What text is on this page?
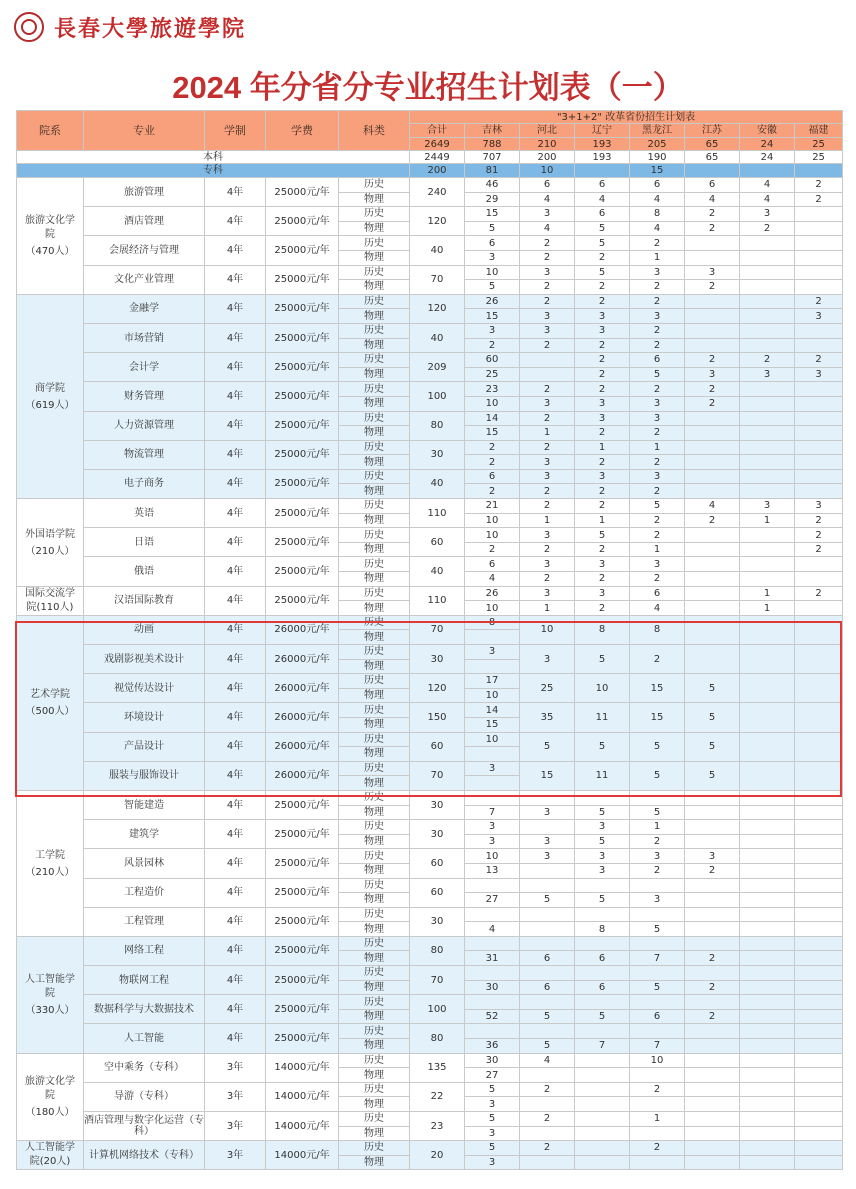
長春大學旅遊學院
2024 年分省分专业招生计划表（一）
院系	专业	学制	学费	科类	"3+1+2" 改革省份招生计划表							
					合计	吉林	河北	辽宁	黑龙江	江苏	安徽	福建
					2649	788	210	193	205	65	24	25
本科					2449	707	200	193	190	65	24	25
专科					200	81	10		15			

旅游文化学院
（470人）	旅游管理	4年	25000元/年	历史	240	46	6	6	6	6	4	2
				物理		29	4	4	4	4	4	2
	酒店管理	4年	25000元/年	历史	120	15	3	6	8	2	3	
				物理		5	4	5	4	2	2	
	会展经济与管理	4年	25000元/年	历史	40	6	2	5	2			
				物理		3	2	2	1			
	文化产业管理	4年	25000元/年	历史	70	10	3	5	3	3		
				物理		5	2	2	2	2		

商学院
（619人）	金融学	4年	25000元/年	历史	120	26	2	2	2			2
				物理		15	3	3	3			3
	市场营销	4年	25000元/年	历史	40	3	3	3	2			
				物理		2	2	2	2			
	会计学	4年	25000元/年	历史	209	60		2	6	2	2	2
				物理		25		2	5	3	3	3
	财务管理	4年	25000元/年	历史	100	23	2	2	2	2		
				物理		10	3	3	3	2		
	人力资源管理	4年	25000元/年	历史	80	14	2	3	3			
				物理		15	1	2	2			
	物流管理	4年	25000元/年	历史	30	2	2	1	1			
				物理		2	3	2	2			
	电子商务	4年	25000元/年	历史	40	6	3	3	3			
				物理		2	2	2	2			

外国语学院
（210人）	英语	4年	25000元/年	历史	110	21	2	2	5	4	3	3
				物理		10	1	1	2	2	1	2
	日语	4年	25000元/年	历史	60	10	3	5	2			2
				物理		2	2	2	1			2
	俄语	4年	25000元/年	历史	40	6	3	3	3			
				物理		4	2	2	2			

国际交流学院(110人)	汉语国际教育	4年	25000元/年	历史	110	26	3	3	6		1	2
				物理		10	1	2	4		1	

艺术学院
（500人）	动画	4年	26000元/年	历史	70	8	10	8	8			
				物理								
	戏剧影视美术设计	4年	26000元/年	历史	30	3	3	5	2			
				物理								
	视觉传达设计	4年	26000元/年	历史	120	17	25	10	15	5		
				物理		10						
	环境设计	4年	26000元/年	历史	150	14	35	11	15	5		
				物理		15						
	产品设计	4年	26000元/年	历史	60	10	5	5	5	5		
				物理								
	服装与服饰设计	4年	26000元/年	历史	70	3	15	11	5	5		
				物理								

工学院
（210人）	智能建造	4年	25000元/年	历史	30							
				物理		7	3	5	5			
	建筑学	4年	25000元/年	历史	30	3		3	1			
				物理		3	3	5	2			
	风景园林	4年	25000元/年	历史	60	10	3	3	3	3		
				物理		13		3	2	2		
	工程造价	4年	25000元/年	历史	60							
				物理		27	5	5	3			
	工程管理	4年	25000元/年	历史	30							
				物理		4		8	5			

人工智能学院
（330人）	网络工程	4年	25000元/年	历史	80							
				物理		31	6	6	7	2		
	物联网工程	4年	25000元/年	历史	70							
				物理		30	6	6	5	2		
	数据科学与大数据技术	4年	25000元/年	历史	100							
				物理		52	5	5	6	2		
	人工智能	4年	25000元/年	历史	80							
				物理		36	5	7	7			

旅游文化学院
（180人）	空中乘务（专科）	3年	14000元/年	历史	135	30	4		10			
				物理		27						
	导游（专科）	3年	14000元/年	历史	22	5	2		2			
				物理		3						
	酒店管理与数字化运营（专科）	3年	14000元/年	历史	23	5	2		1			
				物理		3						

人工智能学院(20人)	计算机网络技术（专科）	3年	14000元/年	历史	20	5	2		2			
				物理		3						
